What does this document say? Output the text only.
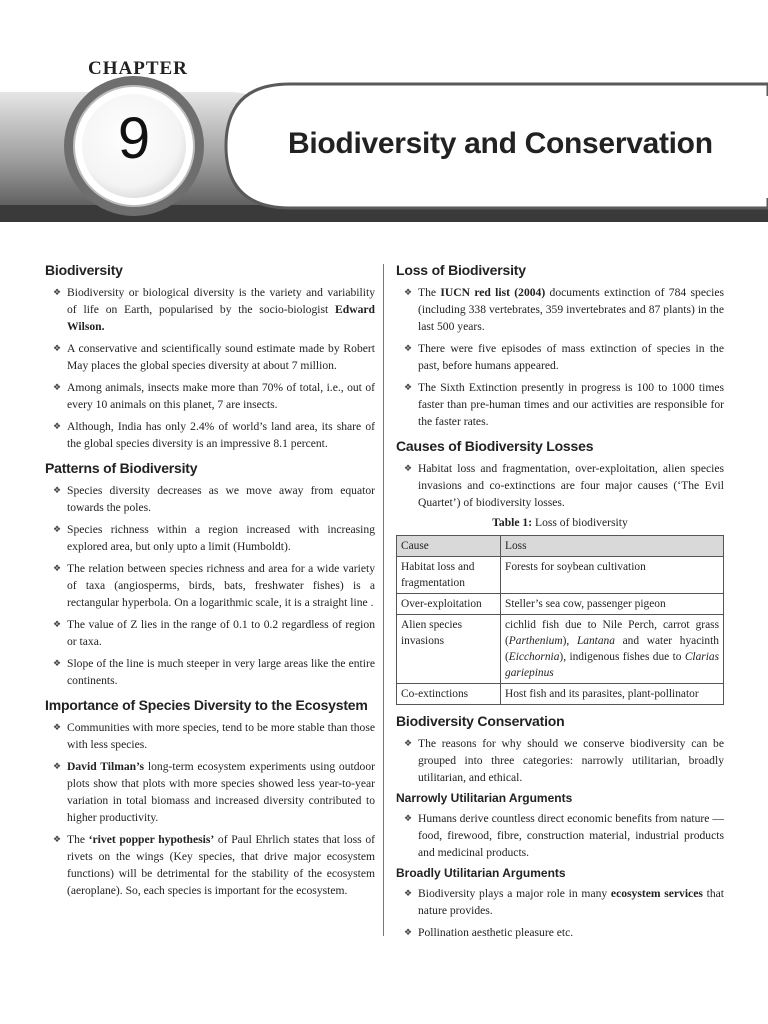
CHAPTER
9	Biodiversity and Conservation
Biodiversity
❖ Biodiversity or biological diversity is the variety and variability of life on Earth, popularised by the socio-biologist Edward Wilson.
❖ A conservative and scientifically sound estimate made by Robert May places the global species diversity at about 7 million.
❖ Among animals, insects make more than 70% of total, i.e., out of every 10 animals on this planet, 7 are insects.
❖ Although, India has only 2.4% of world’s land area, its share of the global species diversity is an impressive 8.1 percent.
Patterns of Biodiversity
❖ Species diversity decreases as we move away from equator towards the poles.
❖ Species richness within a region increased with increasing explored area, but only upto a limit (Humboldt).
❖ The relation between species richness and area for a wide variety of taxa (angiosperms, birds, bats, freshwater fishes) is a rectangular hyperbola. On a logarithmic scale, it is a straight line .
❖ The value of Z lies in the range of 0.1 to 0.2 regardless of region or taxa.
❖ Slope of the line is much steeper in very large areas like the entire continents.
Importance of Species Diversity to the Ecosystem
❖ Communities with more species, tend to be more stable than those with less species.
❖ David Tilman’s long-term ecosystem experiments using outdoor plots show that plots with more species showed less year-to-year variation in total biomass and increased diversity contributed to higher productivity.
❖ The ‘rivet popper hypothesis’ of Paul Ehrlich states that loss of rivets on the wings (Key species, that drive major ecosystem functions) will be detrimental for the stability of the ecosystem (aeroplane). So, each species is important for the ecosystem.
Loss of Biodiversity
❖ The IUCN red list (2004) documents extinction of 784 species (including 338 vertebrates, 359 invertebrates and 87 plants) in the last 500 years.
❖ There were five episodes of mass extinction of species in the past, before humans appeared.
❖ The Sixth Extinction presently in progress is 100 to 1000 times faster than pre-human times and our activities are responsible for the faster rates.
Causes of Biodiversity Losses
❖ Habitat loss and fragmentation, over-exploitation, alien species invasions and co-extinctions are four major causes (‘The Evil Quartet’) of biodiversity losses.
Table 1: Loss of biodiversity
Cause	Loss
Habitat loss and fragmentation	Forests for soybean cultivation
Over-exploitation	Steller’s sea cow, passenger pigeon
Alien species invasions	cichlid fish due to Nile Perch, carrot grass (Parthenium), Lantana and water hyacinth (Eicchornia), indigenous fishes due to Clarias gariepinus
Co-extinctions	Host fish and its parasites, plant-pollinator
Biodiversity Conservation
❖ The reasons for why should we conserve biodiversity can be grouped into three categories: narrowly utilitarian, broadly utilitarian, and ethical.
Narrowly Utilitarian Arguments
❖ Humans derive countless direct economic benefits from nature — food, firewood, fibre, construction material, industrial products and medicinal products.
Broadly Utilitarian Arguments
❖ Biodiversity plays a major role in many ecosystem services that nature provides.
❖ Pollination aesthetic pleasure etc.
